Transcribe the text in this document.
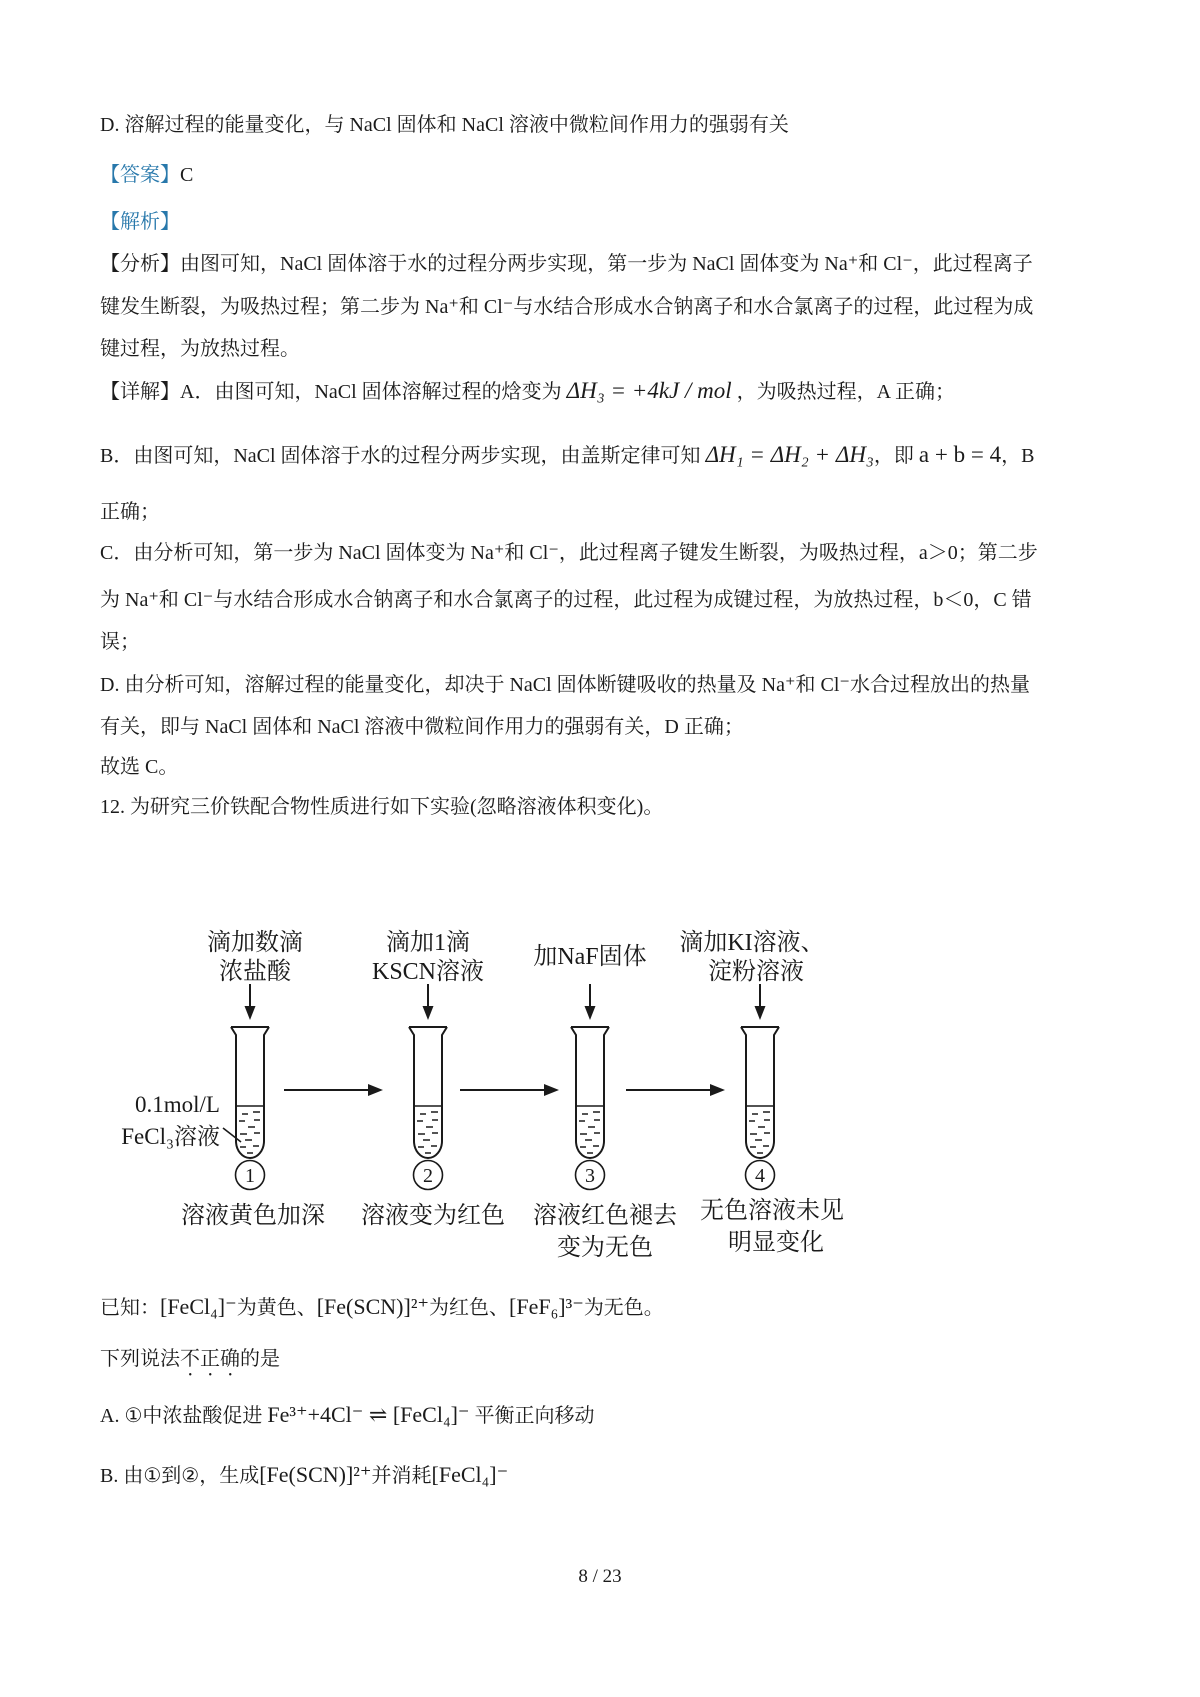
D. 溶解过程的能量变化，与 NaCl 固体和 NaCl 溶液中微粒间作用力的强弱有关
【答案】C
【解析】
【分析】由图可知，NaCl 固体溶于水的过程分两步实现，第一步为 NaCl 固体变为 Na⁺和 Cl⁻，此过程离子
键发生断裂，为吸热过程；第二步为 Na⁺和 Cl⁻与水结合形成水合钠离子和水合氯离子的过程，此过程为成
键过程，为放热过程。
【详解】A．由图可知，NaCl 固体溶解过程的焓变为 ΔH₃ = +4kJ / mol ，为吸热过程，A 正确；
B．由图可知，NaCl 固体溶于水的过程分两步实现，由盖斯定律可知 ΔH₁ = ΔH₂ + ΔH₃，即 a + b = 4，B
正确；
C．由分析可知，第一步为 NaCl 固体变为 Na⁺和 Cl⁻，此过程离子键发生断裂，为吸热过程，a＞0；第二步
为 Na⁺和 Cl⁻与水结合形成水合钠离子和水合氯离子的过程，此过程为成键过程，为放热过程，b＜0，C 错
误；
D. 由分析可知，溶解过程的能量变化，却决于 NaCl 固体断键吸收的热量及 Na⁺和 Cl⁻水合过程放出的热量
有关，即与 NaCl 固体和 NaCl 溶液中微粒间作用力的强弱有关，D 正确；
故选 C。
12. 为研究三价铁配合物性质进行如下实验(忽略溶液体积变化)。
滴加数滴
浓盐酸
1
溶液黄色加深
滴加1滴
KSCN溶液
2
溶液变为红色
加NaF固体
3
溶液红色褪去
变为无色
滴加KI溶液、
淀粉溶液
4
无色溶液未见
明显变化
0.1mol/L
FeCl₃溶液
已知：[FeCl₄]⁻为黄色、[Fe(SCN)]²⁺为红色、[FeF₆]³⁻为无色。
下列说法不正确的是
A. ①中浓盐酸促进 Fe³⁺+4Cl⁻ ⇌ [FeCl₄]⁻ 平衡正向移动
B. 由①到②，生成[Fe(SCN)]²⁺并消耗[FeCl₄]⁻
8 / 23
